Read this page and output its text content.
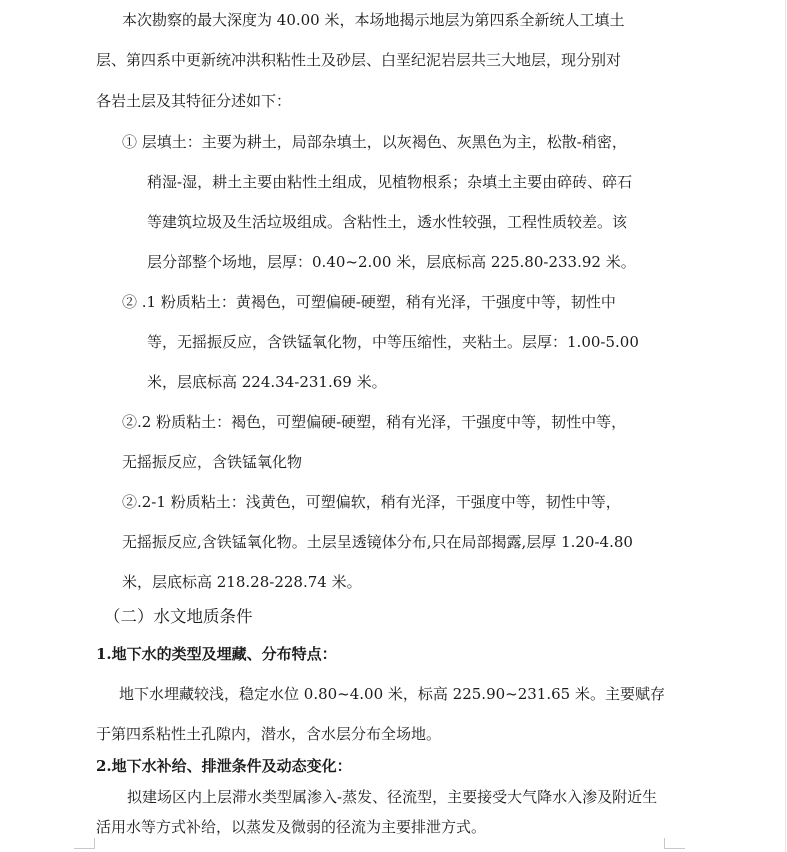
本次勘察的最大深度为 40.00 米，本场地揭示地层为第四系全新统人工填土
层、第四系中更新统冲洪积粘性土及砂层、白垩纪泥岩层共三大地层，现分别对
各岩土层及其特征分述如下：
① 层填土：主要为耕土，局部杂填土，以灰褐色、灰黑色为主，松散-稍密，
稍湿-湿，耕土主要由粘性土组成，见植物根系；杂填土主要由碎砖、碎石
等建筑垃圾及生活垃圾组成。含粘性土，透水性较强，工程性质较差。该
层分部整个场地，层厚：0.40~2.00 米，层底标高 225.80-233.92 米。
② .1 粉质粘土：黄褐色，可塑偏硬-硬塑，稍有光泽，干强度中等，韧性中
等，无摇振反应，含铁锰氧化物，中等压缩性，夹粘土。层厚：1.00-5.00
米，层底标高 224.34-231.69 米。
②.2 粉质粘土：褐色，可塑偏硬-硬塑，稍有光泽，干强度中等，韧性中等，
无摇振反应，含铁锰氧化物
②.2-1 粉质粘土：浅黄色，可塑偏软，稍有光泽，干强度中等，韧性中等，
无摇振反应,含铁锰氧化物。土层呈透镜体分布,只在局部揭露,层厚 1.20-4.80
米，层底标高 218.28-228.74 米。
（二）水文地质条件
1.地下水的类型及埋藏、分布特点：
地下水埋藏较浅，稳定水位 0.80~4.00 米，标高 225.90~231.65 米。主要赋存
于第四系粘性土孔隙内，潜水，含水层分布全场地。
2.地下水补给、排泄条件及动态变化：
拟建场区内上层滞水类型属渗入-蒸发、径流型，主要接受大气降水入渗及附近生
活用水等方式补给，以蒸发及微弱的径流为主要排泄方式。
